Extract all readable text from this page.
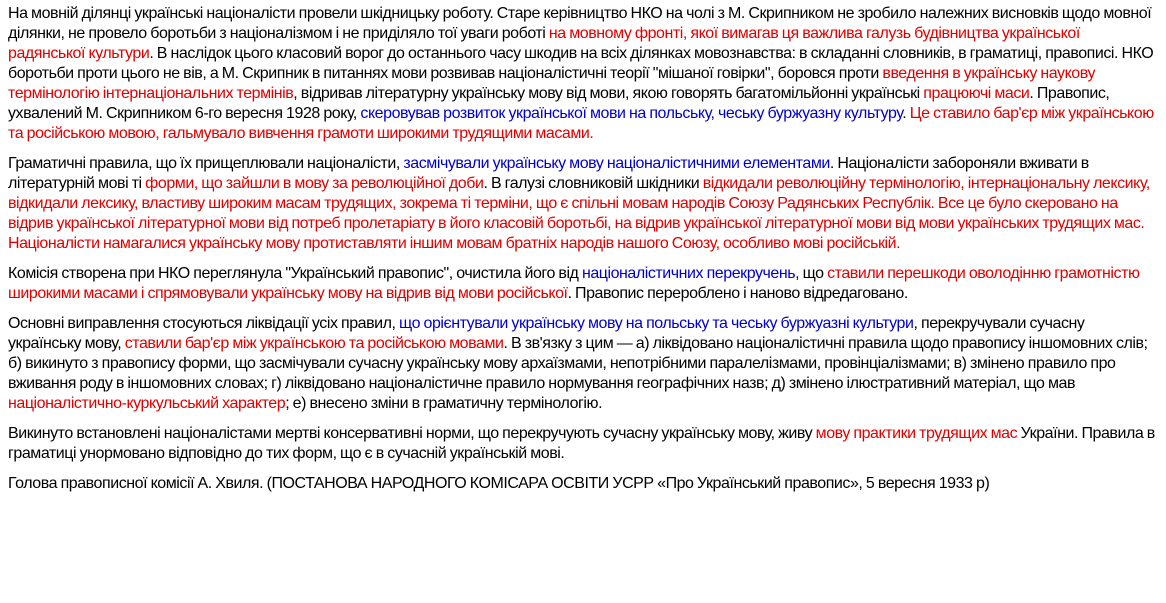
На мовній ділянці українські націоналісти провели шкідницьку роботу. Старе керівництво НКО на чолі з М. Скрипником не зробило належних висновків щодо мовної ділянки, не провело боротьби з націоналізмом і не приділяло тої уваги роботі на мовному фронті, якої вимагав ця важлива галузь будівництва української радянської культури. В наслідок цього класовий ворог до останнього часу шкодив на всіх ділянках мовознавства: в складанні словників, в граматиці, правописі. НКО боротьби проти цього не вів, а М. Скрипник в питаннях мови розвивав націоналістичні теорії "мішаної говірки", боровся проти введення в українську наукову термінологію інтернаціональних термінів, відривав літературну українську мову від мови, якою говорять багатомільйонні українські працюючі маси. Правопис, ухвалений М. Скрипником 6-го вересня 1928 року, скеровував розвиток української мови на польську, чеську буржуазну культуру. Це ставило бар'єр між українською та російською мовою, гальмувало вивчення грамоти широкими трудящими масами.

Граматичні правила, що їх прищеплювали націоналісти, засмічували українську мову націоналістичними елементами. Націоналісти забороняли вживати в літературній мові ті форми, що зайшли в мову за революційної доби. В галузі словниковій шкідники відкидали революційну термінологію, інтернаціональну лексику, відкидали лексику, властиву широким масам трудящих, зокрема ті терміни, що є спільні мовам народів Союзу Радянських Республік. Все це було скеровано на відрив української літературної мови від потреб пролетаріату в його класовій боротьбі, на відрив української літературної мови від мови українських трудящих мас. Націоналісти намагалися українську мову протиставляти іншим мовам братніх народів нашого Союзу, особливо мові російській.

Комісія створена при НКО переглянула "Український правопис", очистила його від націоналістичних перекручень, що ставили перешкоди оволодінню грамотністю широкими масами і спрямовували українську мову на відрив від мови російської. Правопис перероблено і наново відредаговано.

Основні виправлення стосуються ліквідації усіх правил, що орієнтували українську мову на польську та чеську буржуазні культури, перекручували сучасну українську мову, ставили бар'єр між українською та російською мовами. В зв'язку з цим — а) ліквідовано націоналістичні правила щодо правопису іншомовних слів; б) викинуто з правопису форми, що засмічували сучасну українську мову архаїзмами, непотрібними паралелізмами, провінціалізмами; в) змінено правило про вживання роду в іншомовних словах; г) ліквідовано націоналістичне правило нормування географічних назв; д) змінено ілюстративний матеріал, що мав націоналістично-куркульський характер; е) внесено зміни в граматичну термінологію.

Викинуто встановлені націоналістами мертві консервативні норми, що перекручують сучасну українську мову, живу мову практики трудящих мас України. Правила в граматиці унормовано відповідно до тих форм, що є в сучасній українській мові.

Голова правописної комісії А. Хвиля. (ПОСТАНОВА НАРОДНОГО КОМІСАРА ОСВІТИ УСРР «Про Український правопис», 5 вересня 1933 р)
